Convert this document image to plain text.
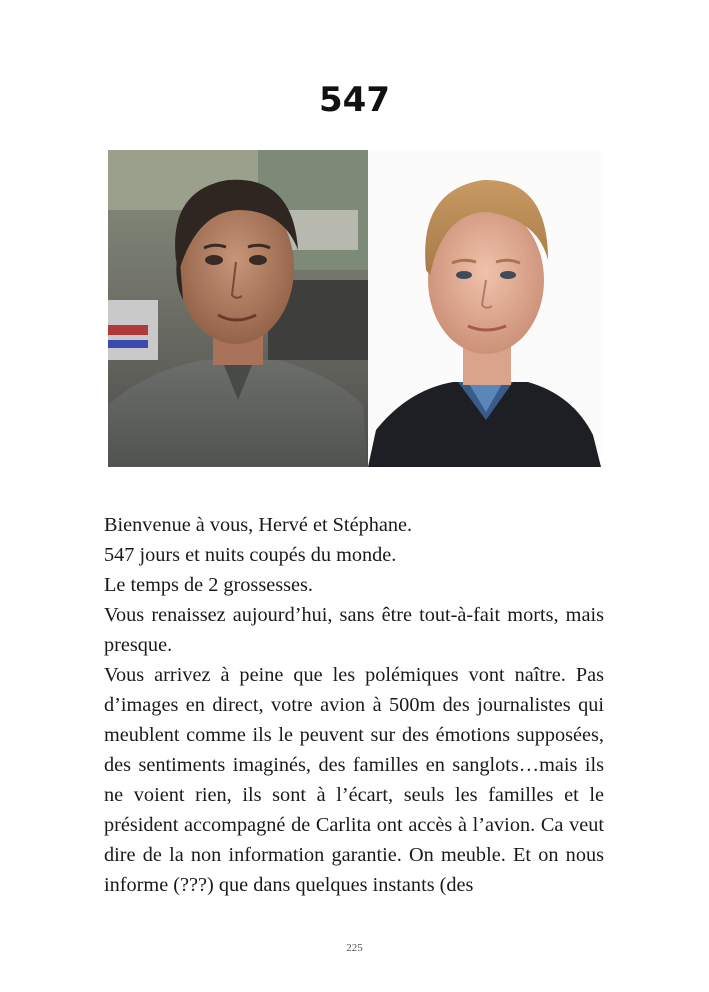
547

Bienvenue à vous, Hervé et Stéphane.

547 jours et nuits coupés du monde.

Le temps de 2 grossesses.

Vous renaissez aujourd’hui, sans être tout-à-fait morts, mais presque.

Vous arrivez à peine que les polémiques vont naître. Pas d’images en direct, votre avion à 500m des journalistes qui meublent comme ils le peuvent sur des émotions supposées, des sentiments imaginés, des familles en sanglots…mais ils ne voient rien, ils sont à l’écart, seuls les familles et le président accompagné de Carlita ont accès à l’avion. Ca veut dire de la non information garantie. On meuble. Et on nous informe (???) que dans quelques instants (des

225
